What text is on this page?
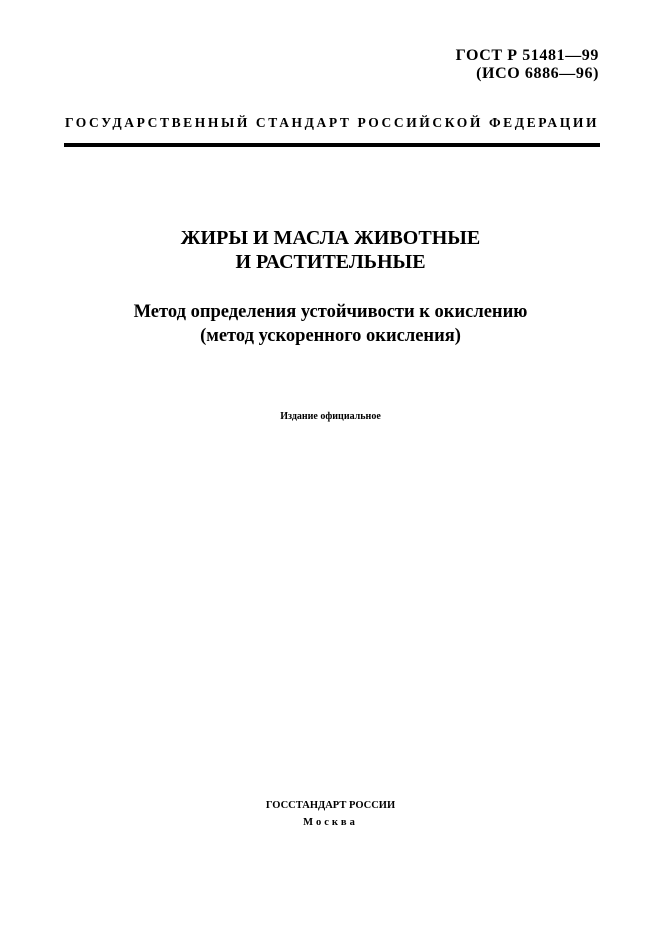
ГОСТ Р 51481—99
(ИСО 6886—96)
ГОСУДАРСТВЕННЫЙ СТАНДАРТ РОССИЙСКОЙ ФЕДЕРАЦИИ
ЖИРЫ И МАСЛА ЖИВОТНЫЕ
И РАСТИТЕЛЬНЫЕ
Метод определения устойчивости к окислению
(метод ускоренного окисления)
Издание официальное
ГОССТАНДАРТ РОССИИ
Москва
